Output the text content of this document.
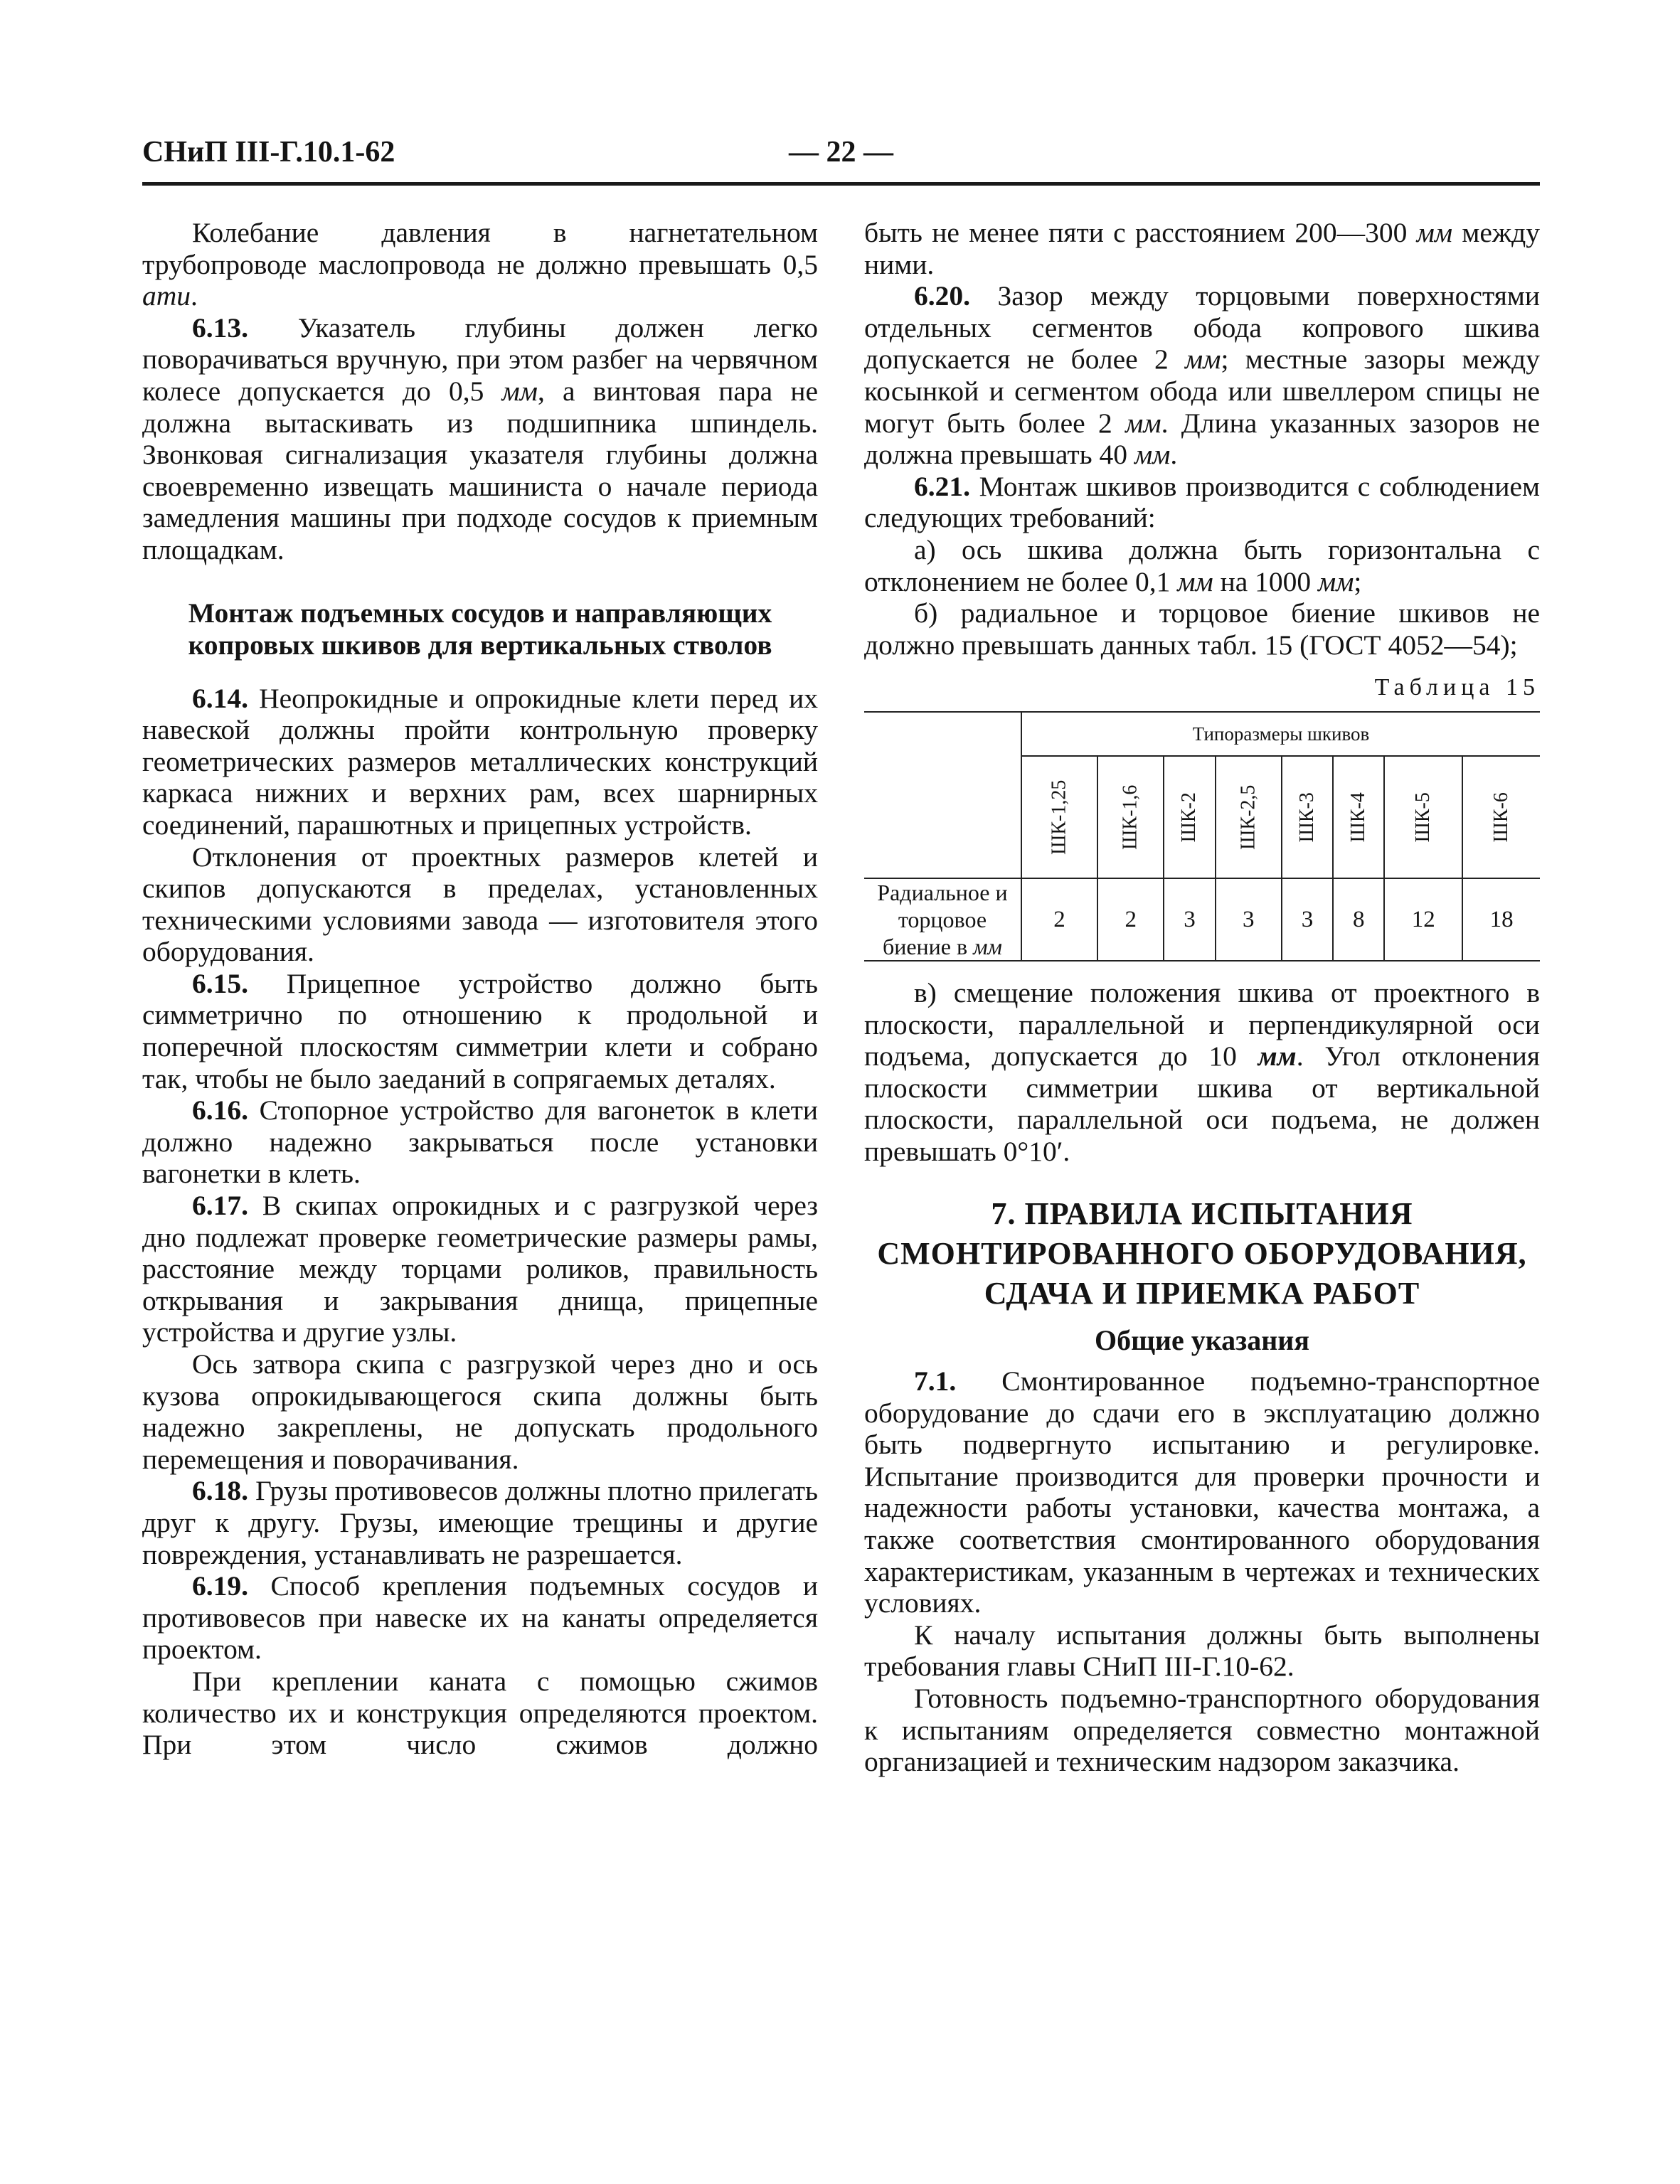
— 22 —
СНиП III-Г.10.1-62

Колебание давления в нагнетательном трубопроводе маслопровода не должно превышать 0,5 ати.

6.13. Указатель глубины должен легко поворачиваться вручную, при этом разбег на червячном колесе допускается до 0,5 мм, а винтовая пара не должна вытаскивать из подшипника шпиндель. Звонковая сигнализация указателя глубины должна своевременно извещать машиниста о начале периода замедления машины при подходе сосудов к приемным площадкам.

Монтаж подъемных сосудов и направляющих копровых шкивов для вертикальных стволов

6.14. Неопрокидные и опрокидные клети перед их навеской должны пройти контрольную проверку геометрических размеров металлических конструкций каркаса нижних и верхних рам, всех шарнирных соединений, парашютных и прицепных устройств.

Отклонения от проектных размеров клетей и скипов допускаются в пределах, установленных техническими условиями завода — изготовителя этого оборудования.

6.15. Прицепное устройство должно быть симметрично по отношению к продольной и поперечной плоскостям симметрии клети и собрано так, чтобы не было заеданий в сопрягаемых деталях.

6.16. Стопорное устройство для вагонеток в клети должно надежно закрываться после установки вагонетки в клеть.

6.17. В скипах опрокидных и с разгрузкой через дно подлежат проверке геометрические размеры рамы, расстояние между торцами роликов, правильность открывания и закрывания днища, прицепные устройства и другие узлы.

Ось затвора скипа с разгрузкой через дно и ось кузова опрокидывающегося скипа должны быть надежно закреплены, не допускать продольного перемещения и поворачивания.

6.18. Грузы противовесов должны плотно прилегать друг к другу. Грузы, имеющие трещины и другие повреждения, устанавливать не разрешается.

6.19. Способ крепления подъемных сосудов и противовесов при навеске их на канаты определяется проектом.

При креплении каната с помощью сжимов количество их и конструкция определяются проектом. При этом число сжимов должно

быть не менее пяти с расстоянием 200—300 мм между ними.

6.20. Зазор между торцовыми поверхностями отдельных сегментов обода копрового шкива допускается не более 2 мм; местные зазоры между косынкой и сегментом обода или швеллером спицы не могут быть более 2 мм. Длина указанных зазоров не должна превышать 40 мм.

6.21. Монтаж шкивов производится с соблюдением следующих требований:

а) ось шкива должна быть горизонтальна с отклонением не более 0,1 мм на 1000 мм;

б) радиальное и торцовое биение шкивов не должно превышать данных табл. 15 (ГОСТ 4052—54);

Таблица 15

	Типоразмеры шкивов							
	ШК-1,25	ШК-1,6	ШК-2	ШК-2,5	ШК-3	ШК-4	ШК-5	ШК-6
Радиальное и торцовое биение в мм	2	2	3	3	3	8	12	18

в) смещение положения шкива от проектного в плоскости, параллельной и перпендикулярной оси подъема, допускается до 10 мм. Угол отклонения плоскости симметрии шкива от вертикальной плоскости, параллельной оси подъема, не должен превышать 0°10′.

7. ПРАВИЛА ИСПЫТАНИЯ
СМОНТИРОВАННОГО ОБОРУДОВАНИЯ,
СДАЧА И ПРИЕМКА РАБОТ

Общие указания

7.1. Смонтированное подъемно-транспортное оборудование до сдачи его в эксплуатацию должно быть подвергнуто испытанию и регулировке. Испытание производится для проверки прочности и надежности работы установки, качества монтажа, а также соответствия смонтированного оборудования характеристикам, указанным в чертежах и технических условиях.

К началу испытания должны быть выполнены требования главы СНиП III-Г.10-62.

Готовность подъемно-транспортного оборудования к испытаниям определяется совместно монтажной организацией и техническим надзором заказчика.
